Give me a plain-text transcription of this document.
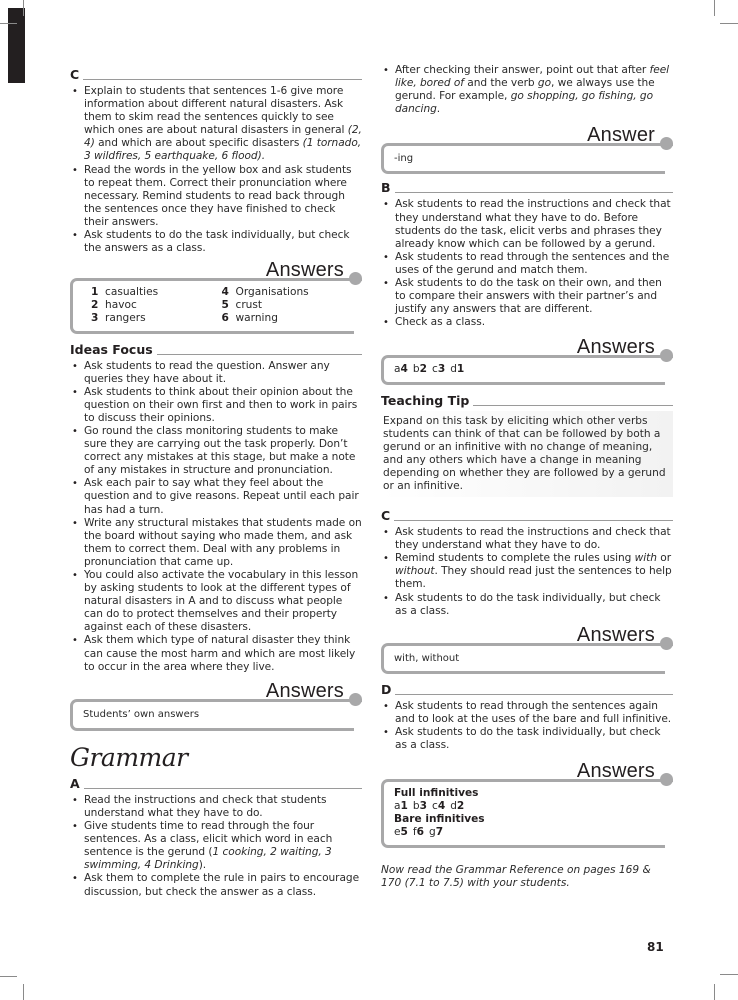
C
• Explain to students that sentences 1-6 give more information about different natural disasters. Ask them to skim read the sentences quickly to see which ones are about natural disasters in general (2, 4) and which are about specific disasters (1 tornado, 3 wildfires, 5 earthquake, 6 flood).
• Read the words in the yellow box and ask students to repeat them. Correct their pronunciation where necessary. Remind students to read back through the sentences once they have finished to check their answers.
• Ask students to do the task individually, but check the answers as a class.
Answers
1 casualties	4 Organisations
2 havoc	5 crust
3 rangers	6 warning
Ideas Focus
• Ask students to read the question. Answer any queries they have about it.
• Ask students to think about their opinion about the question on their own first and then to work in pairs to discuss their opinions.
• Go round the class monitoring students to make sure they are carrying out the task properly. Don’t correct any mistakes at this stage, but make a note of any mistakes in structure and pronunciation.
• Ask each pair to say what they feel about the question and to give reasons. Repeat until each pair has had a turn.
• Write any structural mistakes that students made on the board without saying who made them, and ask them to correct them. Deal with any problems in pronunciation that came up.
• You could also activate the vocabulary in this lesson by asking students to look at the different types of natural disasters in A and to discuss what people can do to protect themselves and their property against each of these disasters.
• Ask them which type of natural disaster they think can cause the most harm and which are most likely to occur in the area where they live.
Answers
Students’ own answers
Grammar
A
• Read the instructions and check that students understand what they have to do.
• Give students time to read through the four sentences. As a class, elicit which word in each sentence is the gerund (1 cooking, 2 waiting, 3 swimming, 4 Drinking).
• Ask them to complete the rule in pairs to encourage discussion, but check the answer as a class.
• After checking their answer, point out that after feel like, bored of and the verb go, we always use the gerund. For example, go shopping, go fishing, go dancing.
Answer
-ing
B
• Ask students to read the instructions and check that they understand what they have to do. Before students do the task, elicit verbs and phrases they already know which can be followed by a gerund.
• Ask students to read through the sentences and the uses of the gerund and match them.
• Ask students to do the task on their own, and then to compare their answers with their partner’s and justify any answers that are different.
• Check as a class.
Answers
a4 b2 c3 d1
Teaching Tip
Expand on this task by eliciting which other verbs students can think of that can be followed by both a gerund or an infinitive with no change of meaning, and any others which have a change in meaning depending on whether they are followed by a gerund or an infinitive.
C
• Ask students to read the instructions and check that they understand what they have to do.
• Remind students to complete the rules using with or without. They should read just the sentences to help them.
• Ask students to do the task individually, but check as a class.
Answers
with, without
D
• Ask students to read through the sentences again and to look at the uses of the bare and full infinitive.
• Ask students to do the task individually, but check as a class.
Answers
Full infinitives
a1 b3 c4 d2
Bare infinitives
e5 f6 g7
Now read the Grammar Reference on pages 169 & 170 (7.1 to 7.5) with your students.
81
